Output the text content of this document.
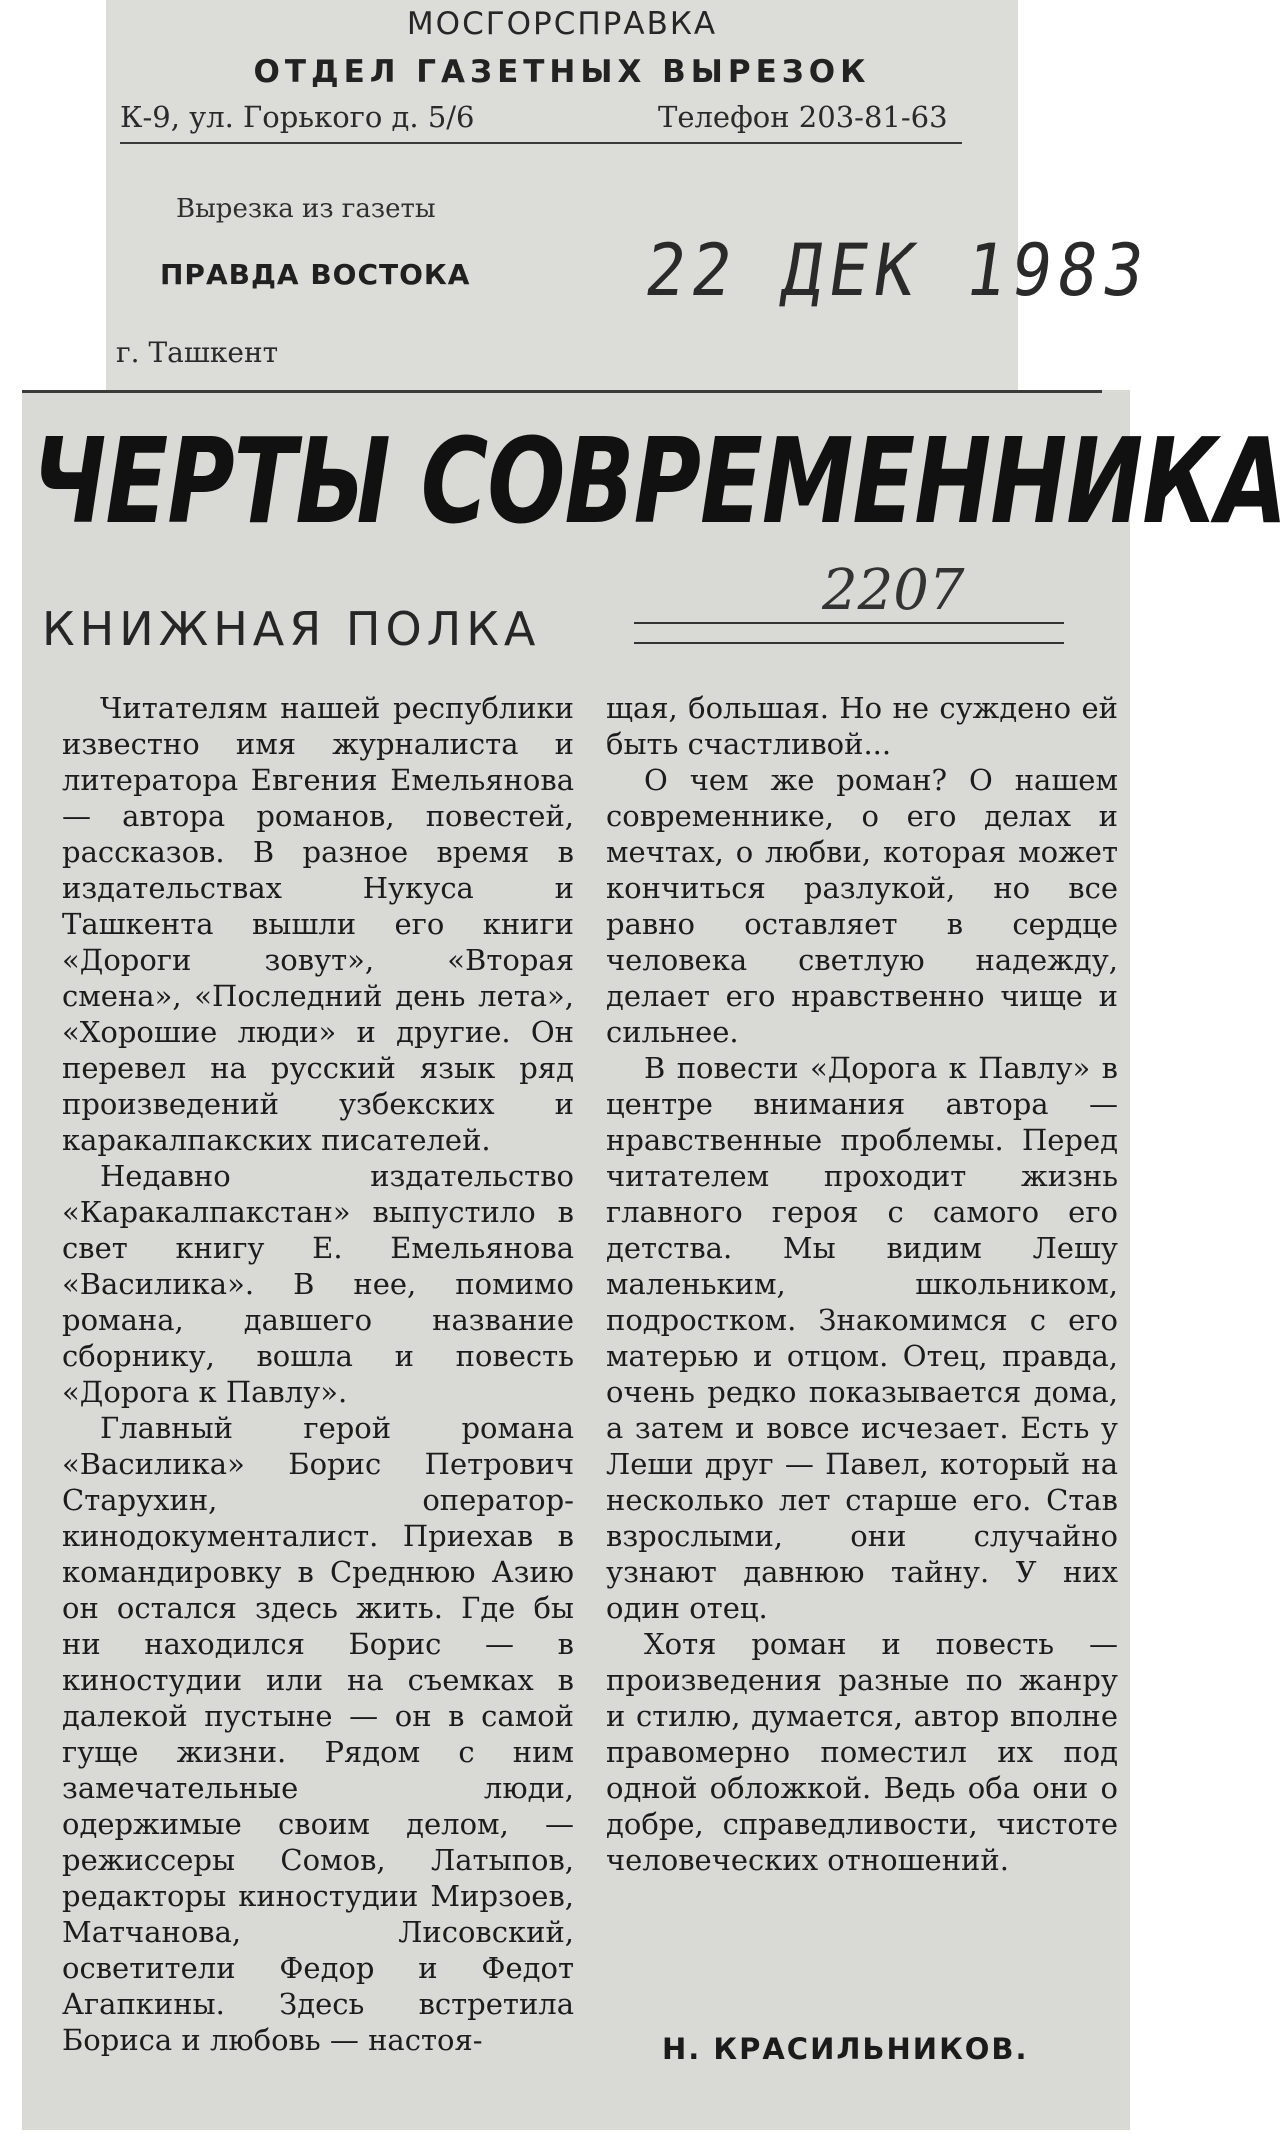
МОСГОРСПРАВКА
ОТДЕЛ ГАЗЕТНЫХ ВЫРЕЗОК
К-9, ул. Горького д. 5/6	Телефон 203-81-63
Вырезка из газеты
ПРАВДА ВОСТОКА
г. Ташкент
22 ДЕК 1983
ЧЕРТЫ СОВРЕМЕННИКА
КНИЖНАЯ ПОЛКА
2207

Читателям нашей республики известно имя журналиста и литератора Евгения Емельянова — автора романов, повестей, рассказов. В разное время в издательствах Нукуса и Ташкента вышли его книги «Дороги зовут», «Вторая смена», «Последний день лета», «Хорошие люди» и другие. Он перевел на русский язык ряд произведений узбекских и каракалпакских писателей.

Недавно издательство «Каракалпакстан» выпустило в свет книгу Е. Емельянова «Василика». В нее, помимо романа, давшего название сборнику, вошла и повесть «Дорога к Павлу».

Главный герой романа «Василика» Борис Петрович Старухин, оператор-кинодокументалист. Приехав в командировку в Среднюю Азию он остался здесь жить. Где бы ни находился Борис — в киностудии или на съемках в далекой пустыне — он в самой гуще жизни. Рядом с ним замечательные люди, одержимые своим делом, — режиссеры Сомов, Латыпов, редакторы киностудии Мирзоев, Матчанова, Лисовский, осветители Федор и Федот Агапкины. Здесь встретила Бориса и любовь — настоя-

щая, большая. Но не суждено ей быть счастливой...

О чем же роман? О нашем современнике, о его делах и мечтах, о любви, которая может кончиться разлукой, но все равно оставляет в сердце человека светлую надежду, делает его нравственно чище и сильнее.

В повести «Дорога к Павлу» в центре внимания автора — нравственные проблемы. Перед читателем проходит жизнь главного героя с самого его детства. Мы видим Лешу маленьким, школьником, подростком. Знакомимся с его матерью и отцом. Отец, правда, очень редко показывается дома, а затем и вовсе исчезает. Есть у Леши друг — Павел, который на несколько лет старше его. Став взрослыми, они случайно узнают давнюю тайну. У них один отец.

Хотя роман и повесть — произведения разные по жанру и стилю, думается, автор вполне правомерно поместил их под одной обложкой. Ведь оба они о добре, справедливости, чистоте человеческих отношений.

Н. КРАСИЛЬНИКОВ.
